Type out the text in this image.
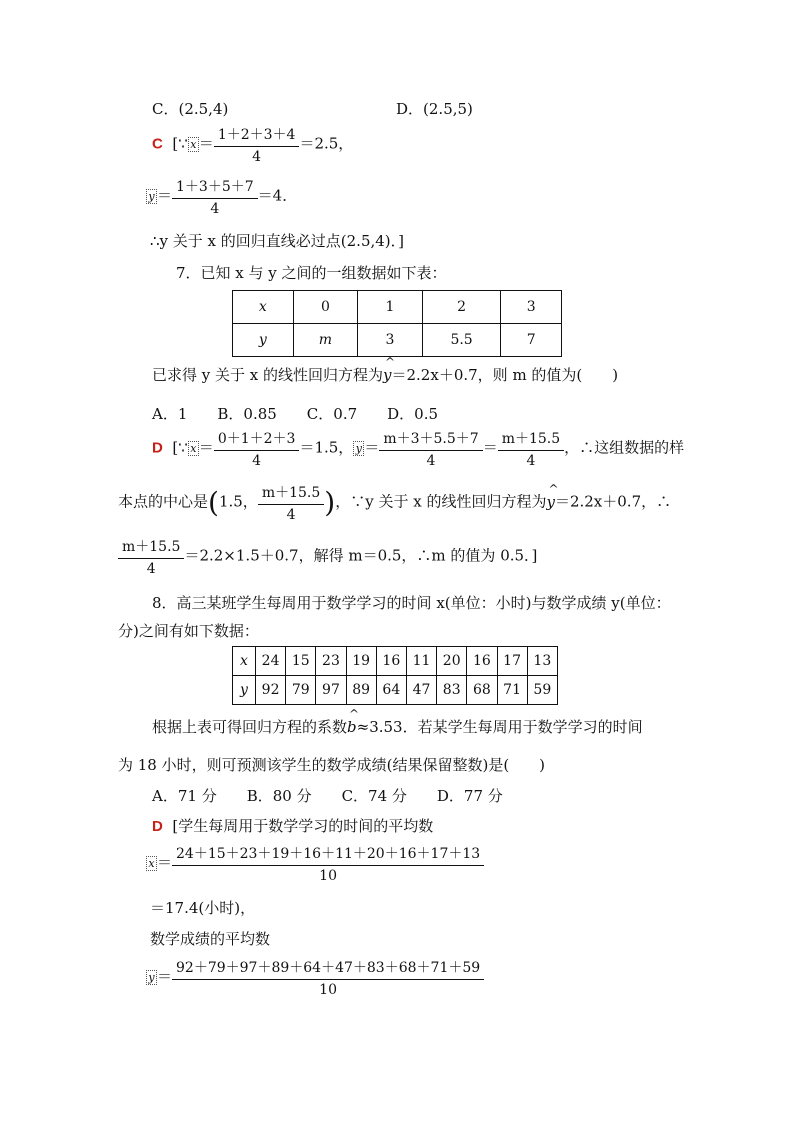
C．(2.5,4)	D．(2.5,5)
C [∵ $x = \frac{1+2+3+4}{4} =2.5$，
$y = \frac{1+3+5+7}{4} =4$．
∴y 关于 x 的回归直线必过点(2.5,4)．]
7．已知 x 与 y 之间的一组数据如下表：
x	0	1	2	3
y	m	3	5.5	7
已求得 y 关于 x 的线性回归方程为^ y＝2.2x＋0.7，则 m 的值为(　　)
A．1　　B．0.85　　C．0.7　　D．0.5
D [∵ $x = \frac{0+1+2+3}{4} =1.5$， $y = \frac{m+3+5.5+7}{4} = \frac{m+15.5}{4}$ ，∴这组数据的样
本点的中心是(1.5， $\frac{m+15.5}{4}$ )，∵y 关于 x 的线性回归方程为^ y＝2.2x＋0.7，∴
$\frac{m+15.5}{4} =2.2\times 1.5+0.7$，解得 m＝0.5，∴m 的值为 0.5．]
8．高三某班学生每周用于数学学习的时间 x(单位：小时)与数学成绩 y(单位：
分)之间有如下数据：
x	24	15	23	19	16	11	20	16	17	13
y	92	79	97	89	64	47	83	68	71	59
根据上表可得回归方程的系数^ b≈3.53．若某学生每周用于数学学习的时间
为 18 小时，则可预测该学生的数学成绩(结果保留整数)是(　　)
A．71 分　　B．80 分　　C．74 分　　D．77 分
D [学生每周用于数学学习的时间的平均数
$x = \frac{24+15+23+19+16+11+20+16+17+13}{10}$
＝17.4(小时)，
数学成绩的平均数
$y = \frac{92+79+97+89+64+47+83+68+71+59}{10}$
